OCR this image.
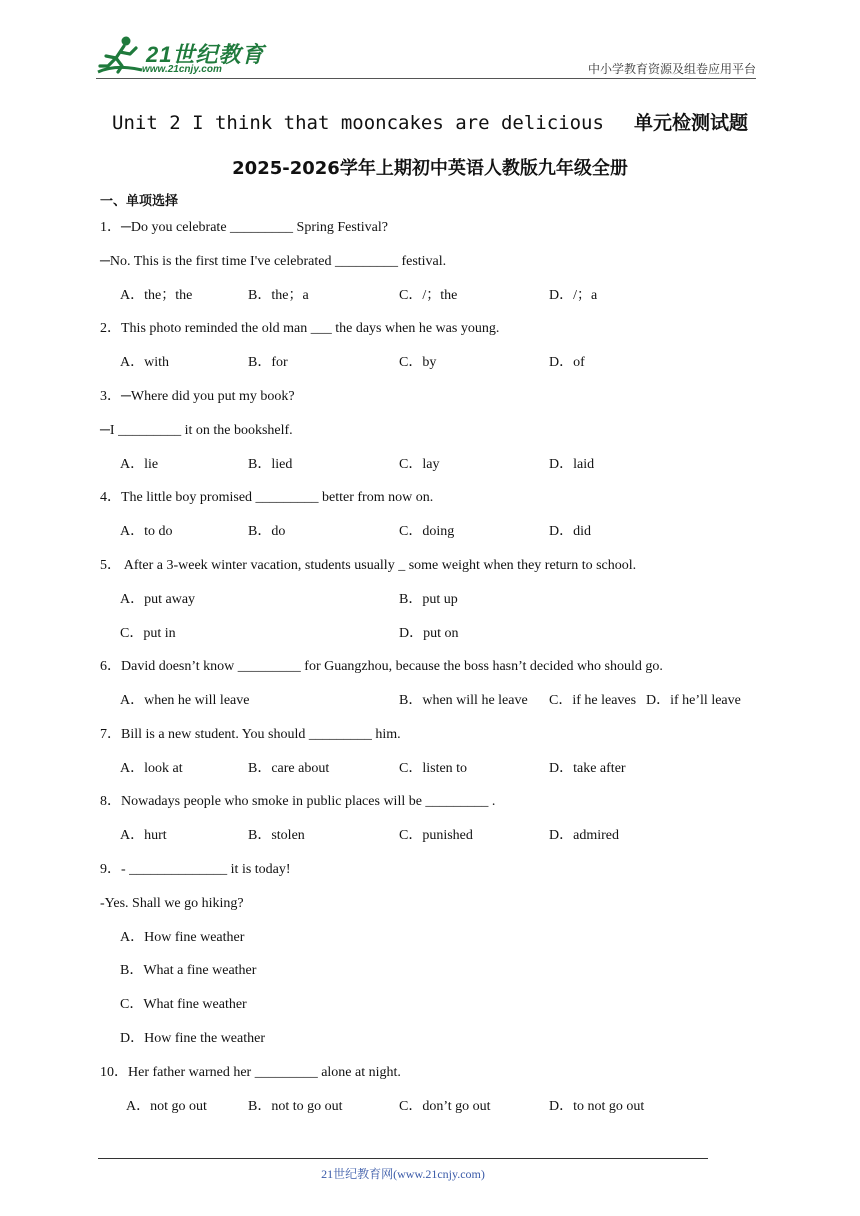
21世纪教育
www.21cnjy.com	中小学教育资源及组卷应用平台
Unit 2 I think that mooncakes are delicious 单元检测试题
2025-2026学年上期初中英语人教版九年级全册
一、单项选择
1．─Do you celebrate _________ Spring Festival?
─No. This is the first time I've celebrated _________ festival.
A．the；the	B．the；a	C．/；the	D．/；a
2．This photo reminded the old man ___ the days when he was young.
A．with	B．for	C．by	D．of
3．─Where did you put my book?
─I _________ it on the bookshelf.
A．lie	B．lied	C．lay	D．laid
4．The little boy promised _________ better from now on.
A．to do	B．do	C．doing	D．did
5． After a 3-week winter vacation, students usually _ some weight when they return to school.
A．put away	B．put up
C．put in	D．put on
6．David doesn’t know _________ for Guangzhou, because the boss hasn’t decided who should go.
A．when he will leave	B．when will he leave C．if he leaves D．if he’ll leave
7．Bill is a new student. You should _________ him.
A．look at	B．care about	C．listen to	D．take after
8．Nowadays people who smoke in public places will be _________ .
A．hurt	B．stolen	C．punished	D．admired
9．- ______________ it is today!
-Yes. Shall we go hiking?
A．How fine weather
B．What a fine weather
C．What fine weather
D．How fine the weather
10．Her father warned her _________ alone at night.
A．not go out	B．not to go out	C．don’t go out	D．to not go out
21世纪教育网(www.21cnjy.com)
